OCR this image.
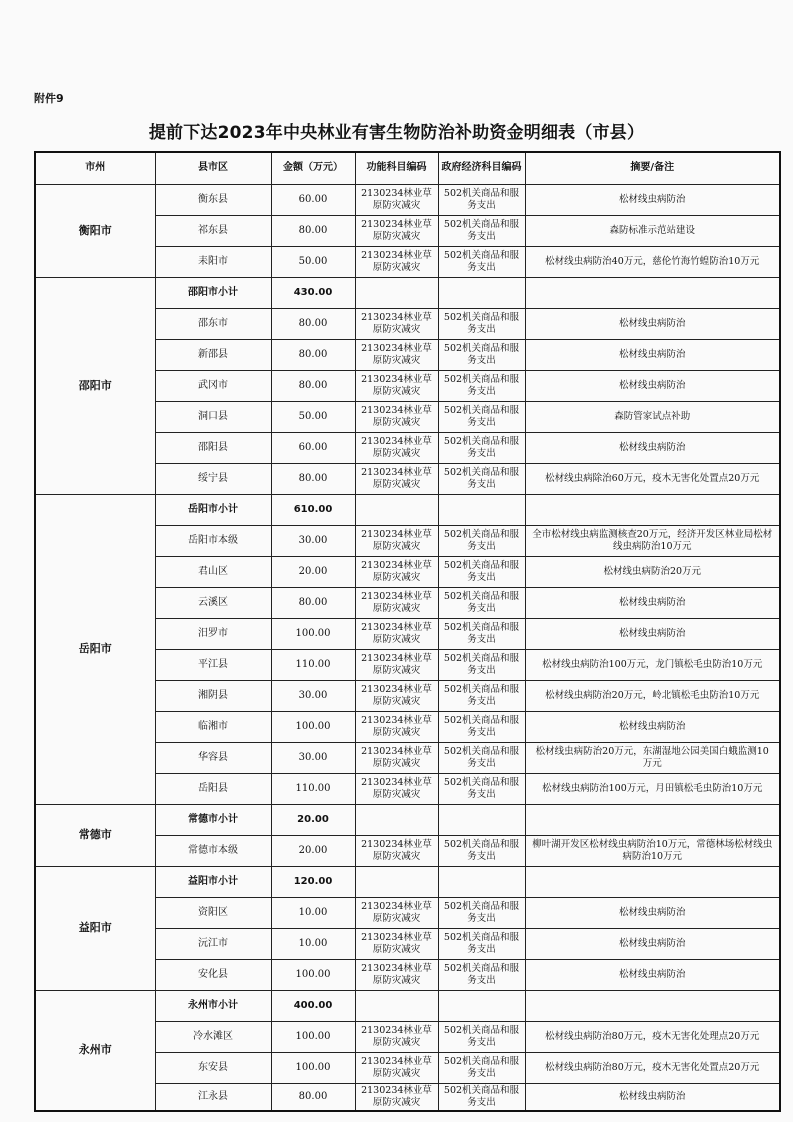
附件9
提前下达2023年中央林业有害生物防治补助资金明细表（市县）
市州	县市区	金额（万元）	功能科目编码	政府经济科目编码	摘要/备注
衡阳市	衡东县	60.00	2130234林业草原防灾减灾	502机关商品和服务支出	松材线虫病防治
	祁东县	80.00	2130234林业草原防灾减灾	502机关商品和服务支出	森防标准示范站建设
	耒阳市	50.00	2130234林业草原防灾减灾	502机关商品和服务支出	松材线虫病防治40万元，慈伦竹海竹蝗防治10万元
邵阳市	邵阳市小计	430.00			
	邵东市	80.00	2130234林业草原防灾减灾	502机关商品和服务支出	松材线虫病防治
	新邵县	80.00	2130234林业草原防灾减灾	502机关商品和服务支出	松材线虫病防治
	武冈市	80.00	2130234林业草原防灾减灾	502机关商品和服务支出	松材线虫病防治
	洞口县	50.00	2130234林业草原防灾减灾	502机关商品和服务支出	森防管家试点补助
	邵阳县	60.00	2130234林业草原防灾减灾	502机关商品和服务支出	松材线虫病防治
	绥宁县	80.00	2130234林业草原防灾减灾	502机关商品和服务支出	松材线虫病除治60万元，疫木无害化处置点20万元
岳阳市	岳阳市小计	610.00			
	岳阳市本级	30.00	2130234林业草原防灾减灾	502机关商品和服务支出	全市松材线虫病监测核查20万元，经济开发区林业局松材线虫病防治10万元
	君山区	20.00	2130234林业草原防灾减灾	502机关商品和服务支出	松材线虫病防治20万元
	云溪区	80.00	2130234林业草原防灾减灾	502机关商品和服务支出	松材线虫病防治
	汨罗市	100.00	2130234林业草原防灾减灾	502机关商品和服务支出	松材线虫病防治
	平江县	110.00	2130234林业草原防灾减灾	502机关商品和服务支出	松材线虫病防治100万元，龙门镇松毛虫防治10万元
	湘阴县	30.00	2130234林业草原防灾减灾	502机关商品和服务支出	松材线虫病防治20万元，岭北镇松毛虫防治10万元
	临湘市	100.00	2130234林业草原防灾减灾	502机关商品和服务支出	松材线虫病防治
	华容县	30.00	2130234林业草原防灾减灾	502机关商品和服务支出	松材线虫病防治20万元，东湖湿地公园美国白蛾监测10万元
	岳阳县	110.00	2130234林业草原防灾减灾	502机关商品和服务支出	松材线虫病防治100万元，月田镇松毛虫防治10万元
常德市	常德市小计	20.00			
	常德市本级	20.00	2130234林业草原防灾减灾	502机关商品和服务支出	柳叶湖开发区松材线虫病防治10万元，常德林场松材线虫病防治10万元
益阳市	益阳市小计	120.00			
	资阳区	10.00	2130234林业草原防灾减灾	502机关商品和服务支出	松材线虫病防治
	沅江市	10.00	2130234林业草原防灾减灾	502机关商品和服务支出	松材线虫病防治
	安化县	100.00	2130234林业草原防灾减灾	502机关商品和服务支出	松材线虫病防治
永州市	永州市小计	400.00			
	冷水滩区	100.00	2130234林业草原防灾减灾	502机关商品和服务支出	松材线虫病防治80万元，疫木无害化处理点20万元
	东安县	100.00	2130234林业草原防灾减灾	502机关商品和服务支出	松材线虫病防治80万元，疫木无害化处置点20万元
	江永县	80.00	2130234林业草原防灾减灾	502机关商品和服务支出	松材线虫病防治
